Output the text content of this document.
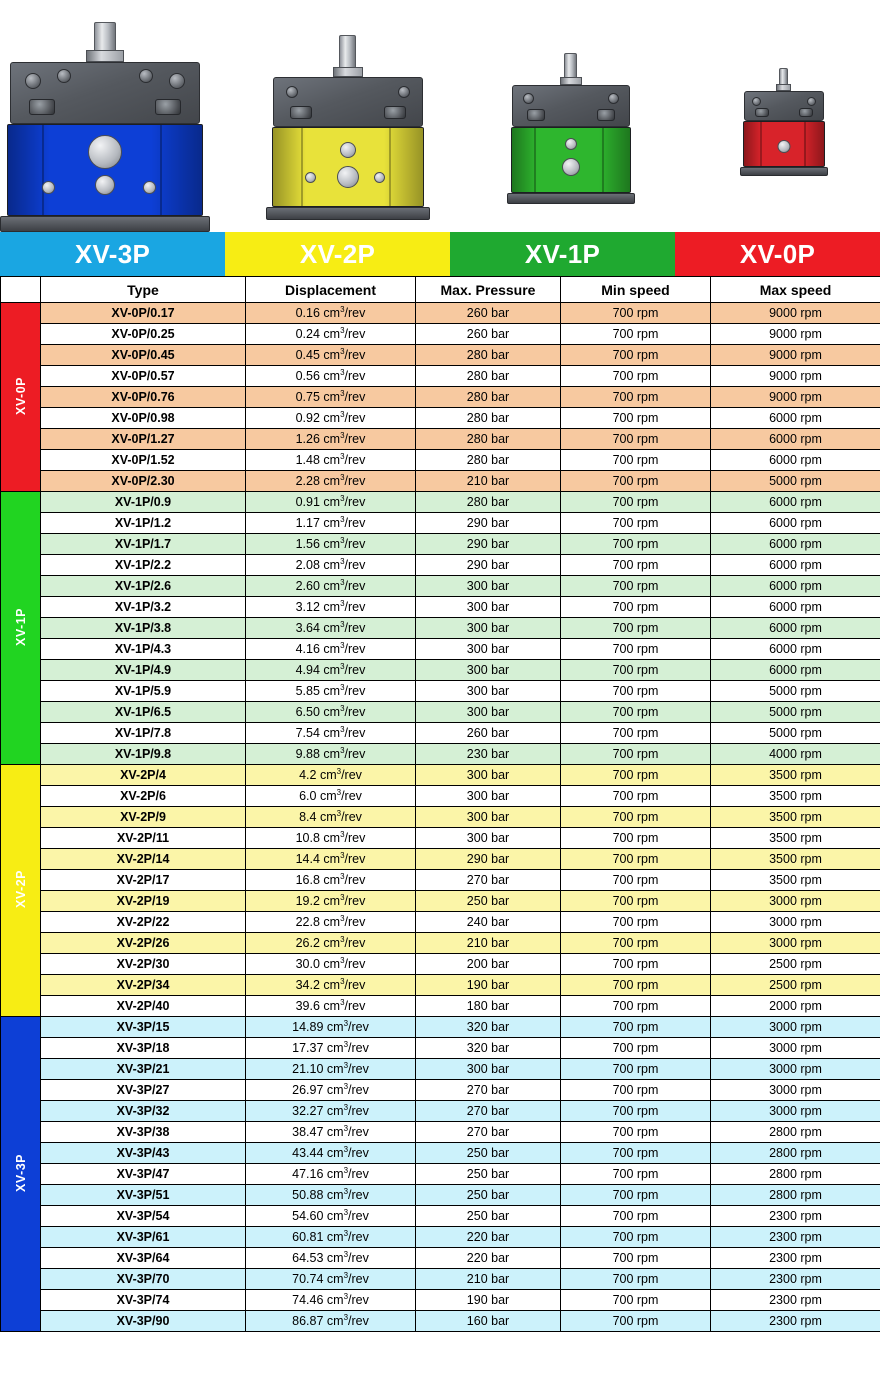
XV-3P	XV-2P	XV-1P	XV-0P
	Type	Displacement	Max. Pressure	Min speed	Max speed
XV-0P	XV-0P/0.17	0.16 $cm^3$/rev	260 bar	700 rpm	9000 rpm
	XV-0P/0.25	0.24 $cm^3$/rev	260 bar	700 rpm	9000 rpm
	XV-0P/0.45	0.45 $cm^3$/rev	280 bar	700 rpm	9000 rpm
	XV-0P/0.57	0.56 $cm^3$/rev	280 bar	700 rpm	9000 rpm
	XV-0P/0.76	0.75 $cm^3$/rev	280 bar	700 rpm	9000 rpm
	XV-0P/0.98	0.92 $cm^3$/rev	280 bar	700 rpm	6000 rpm
	XV-0P/1.27	1.26 $cm^3$/rev	280 bar	700 rpm	6000 rpm
	XV-0P/1.52	1.48 $cm^3$/rev	280 bar	700 rpm	6000 rpm
	XV-0P/2.30	2.28 $cm^3$/rev	210 bar	700 rpm	5000 rpm
XV-1P	XV-1P/0.9	0.91 $cm^3$/rev	280 bar	700 rpm	6000 rpm
	XV-1P/1.2	1.17 $cm^3$/rev	290 bar	700 rpm	6000 rpm
	XV-1P/1.7	1.56 $cm^3$/rev	290 bar	700 rpm	6000 rpm
	XV-1P/2.2	2.08 $cm^3$/rev	290 bar	700 rpm	6000 rpm
	XV-1P/2.6	2.60 $cm^3$/rev	300 bar	700 rpm	6000 rpm
	XV-1P/3.2	3.12 $cm^3$/rev	300 bar	700 rpm	6000 rpm
	XV-1P/3.8	3.64 $cm^3$/rev	300 bar	700 rpm	6000 rpm
	XV-1P/4.3	4.16 $cm^3$/rev	300 bar	700 rpm	6000 rpm
	XV-1P/4.9	4.94 $cm^3$/rev	300 bar	700 rpm	6000 rpm
	XV-1P/5.9	5.85 $cm^3$/rev	300 bar	700 rpm	5000 rpm
	XV-1P/6.5	6.50 $cm^3$/rev	300 bar	700 rpm	5000 rpm
	XV-1P/7.8	7.54 $cm^3$/rev	260 bar	700 rpm	5000 rpm
	XV-1P/9.8	9.88 $cm^3$/rev	230 bar	700 rpm	4000 rpm
XV-2P	XV-2P/4	4.2 $cm^3$/rev	300 bar	700 rpm	3500 rpm
	XV-2P/6	6.0 $cm^3$/rev	300 bar	700 rpm	3500 rpm
	XV-2P/9	8.4 $cm^3$/rev	300 bar	700 rpm	3500 rpm
	XV-2P/11	10.8 $cm^3$/rev	300 bar	700 rpm	3500 rpm
	XV-2P/14	14.4 $cm^3$/rev	290 bar	700 rpm	3500 rpm
	XV-2P/17	16.8 $cm^3$/rev	270 bar	700 rpm	3500 rpm
	XV-2P/19	19.2 $cm^3$/rev	250 bar	700 rpm	3000 rpm
	XV-2P/22	22.8 $cm^3$/rev	240 bar	700 rpm	3000 rpm
	XV-2P/26	26.2 $cm^3$/rev	210 bar	700 rpm	3000 rpm
	XV-2P/30	30.0 $cm^3$/rev	200 bar	700 rpm	2500 rpm
	XV-2P/34	34.2 $cm^3$/rev	190 bar	700 rpm	2500 rpm
	XV-2P/40	39.6 $cm^3$/rev	180 bar	700 rpm	2000 rpm
XV-3P	XV-3P/15	14.89 $cm^3$/rev	320 bar	700 rpm	3000 rpm
	XV-3P/18	17.37 $cm^3$/rev	320 bar	700 rpm	3000 rpm
	XV-3P/21	21.10 $cm^3$/rev	300 bar	700 rpm	3000 rpm
	XV-3P/27	26.97 $cm^3$/rev	270 bar	700 rpm	3000 rpm
	XV-3P/32	32.27 $cm^3$/rev	270 bar	700 rpm	3000 rpm
	XV-3P/38	38.47 $cm^3$/rev	270 bar	700 rpm	2800 rpm
	XV-3P/43	43.44 $cm^3$/rev	250 bar	700 rpm	2800 rpm
	XV-3P/47	47.16 $cm^3$/rev	250 bar	700 rpm	2800 rpm
	XV-3P/51	50.88 $cm^3$/rev	250 bar	700 rpm	2800 rpm
	XV-3P/54	54.60 $cm^3$/rev	250 bar	700 rpm	2300 rpm
	XV-3P/61	60.81 $cm^3$/rev	220 bar	700 rpm	2300 rpm
	XV-3P/64	64.53 $cm^3$/rev	220 bar	700 rpm	2300 rpm
	XV-3P/70	70.74 $cm^3$/rev	210 bar	700 rpm	2300 rpm
	XV-3P/74	74.46 $cm^3$/rev	190 bar	700 rpm	2300 rpm
	XV-3P/90	86.87 $cm^3$/rev	160 bar	700 rpm	2300 rpm
